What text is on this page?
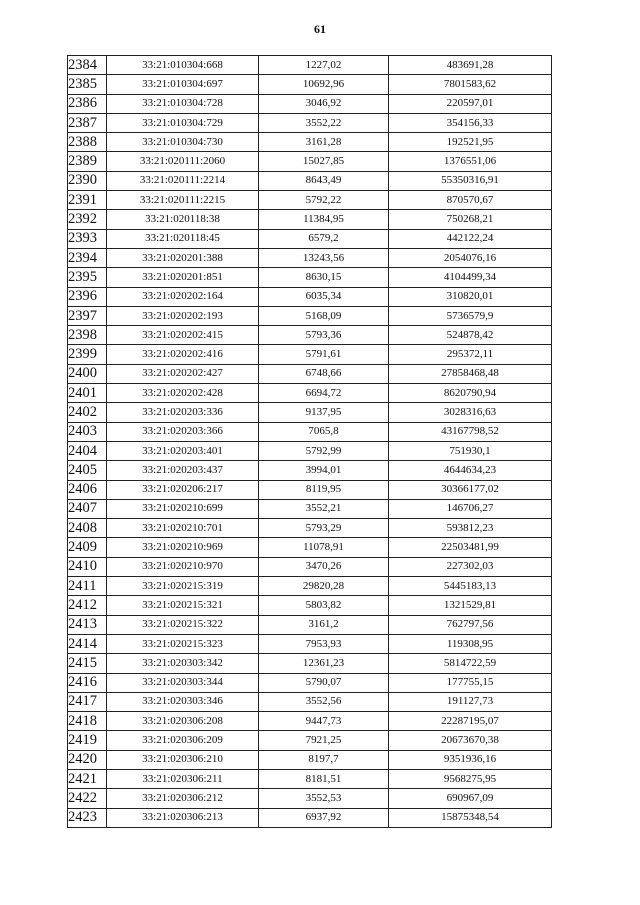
61
2384	33:21:010304:668	1227,02	483691,28
2385	33:21:010304:697	10692,96	7801583,62
2386	33:21:010304:728	3046,92	220597,01
2387	33:21:010304:729	3552,22	354156,33
2388	33:21:010304:730	3161,28	192521,95
2389	33:21:020111:2060	15027,85	1376551,06
2390	33:21:020111:2214	8643,49	55350316,91
2391	33:21:020111:2215	5792,22	870570,67
2392	33:21:020118:38	11384,95	750268,21
2393	33:21:020118:45	6579,2	442122,24
2394	33:21:020201:388	13243,56	2054076,16
2395	33:21:020201:851	8630,15	4104499,34
2396	33:21:020202:164	6035,34	310820,01
2397	33:21:020202:193	5168,09	5736579,9
2398	33:21:020202:415	5793,36	524878,42
2399	33:21:020202:416	5791,61	295372,11
2400	33:21:020202:427	6748,66	27858468,48
2401	33:21:020202:428	6694,72	8620790,94
2402	33:21:020203:336	9137,95	3028316,63
2403	33:21:020203:366	7065,8	43167798,52
2404	33:21:020203:401	5792,99	751930,1
2405	33:21:020203:437	3994,01	4644634,23
2406	33:21:020206:217	8119,95	30366177,02
2407	33:21:020210:699	3552,21	146706,27
2408	33:21:020210:701	5793,29	593812,23
2409	33:21:020210:969	11078,91	22503481,99
2410	33:21:020210:970	3470,26	227302,03
2411	33:21:020215:319	29820,28	5445183,13
2412	33:21:020215:321	5803,82	1321529,81
2413	33:21:020215:322	3161,2	762797,56
2414	33:21:020215:323	7953,93	119308,95
2415	33:21:020303:342	12361,23	5814722,59
2416	33:21:020303:344	5790,07	177755,15
2417	33:21:020303:346	3552,56	191127,73
2418	33:21:020306:208	9447,73	22287195,07
2419	33:21:020306:209	7921,25	20673670,38
2420	33:21:020306:210	8197,7	9351936,16
2421	33:21:020306:211	8181,51	9568275,95
2422	33:21:020306:212	3552,53	690967,09
2423	33:21:020306:213	6937,92	15875348,54
